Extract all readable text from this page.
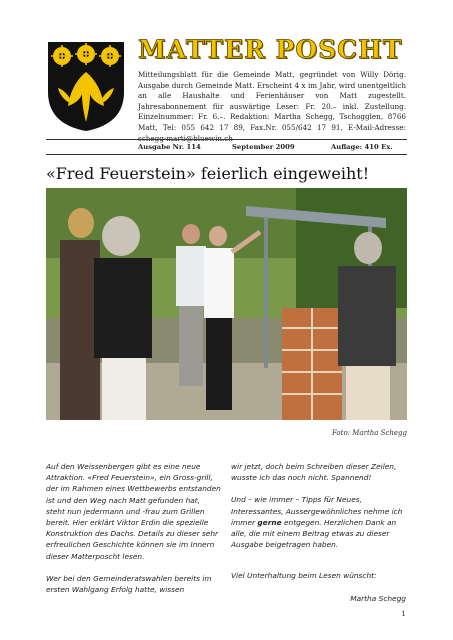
MATTER POSCHT

Mitteilungsblatt für die Gemeinde Matt, gegründet von Willy Dörig. Ausgabe durch Gemeinde Matt. Erscheint 4 x im Jahr, wird unentgeltlich an alle Haushalte und Ferienhäuser von Matt zugestellt. Jahresabonnement für auswärtige Leser: Fr. 20.– inkl. Zustellung. Einzelnummer: Fr. 6.–. Redaktion: Martha Schegg, Tschogglen, 8766 Matt, Tel: 055 642 17 89, Fax.Nr. 055/642 17 91, E-Mail-Adresse: schegg-marti@bluewin.ch

Ausgabe Nr. 114	September 2009	Auflage: 410 Ex.
«Fred Feuerstein» feierlich eingeweiht!
Foto: Martha Schegg

Auf den Weissenbergen gibt es eine neue Attraktion. «Fred Feuerstein», ein Gross-grill, der im Rahmen eines Wettbewerbs entstanden ist und den Weg nach Matt gefunden hat, steht nun jedermann und -frau zum Grillen bereit. Hier erklärt Viktor Erdin die spezielle Konstruktion des Dachs. Details zu dieser sehr erfreulichen Geschichte können sie im Innern dieser Matterposcht lesen.

Wer bei den Gemeinderatswahlen bereits im ersten Wahlgang Erfolg hatte, wissen

wir jetzt, doch beim Schreiben dieser Zeilen, wusste ich das noch nicht. Spannend!

Und – wie immer – Tipps für Neues, Interessantes, Aussergewöhnliches nehme ich immer gerne entgegen. Herzlichen Dank an alle, die mit einem Beitrag etwas zu dieser Ausgabe beigetragen haben.

Viel Unterhaltung beim Lesen wünscht:

Martha Schegg

1
